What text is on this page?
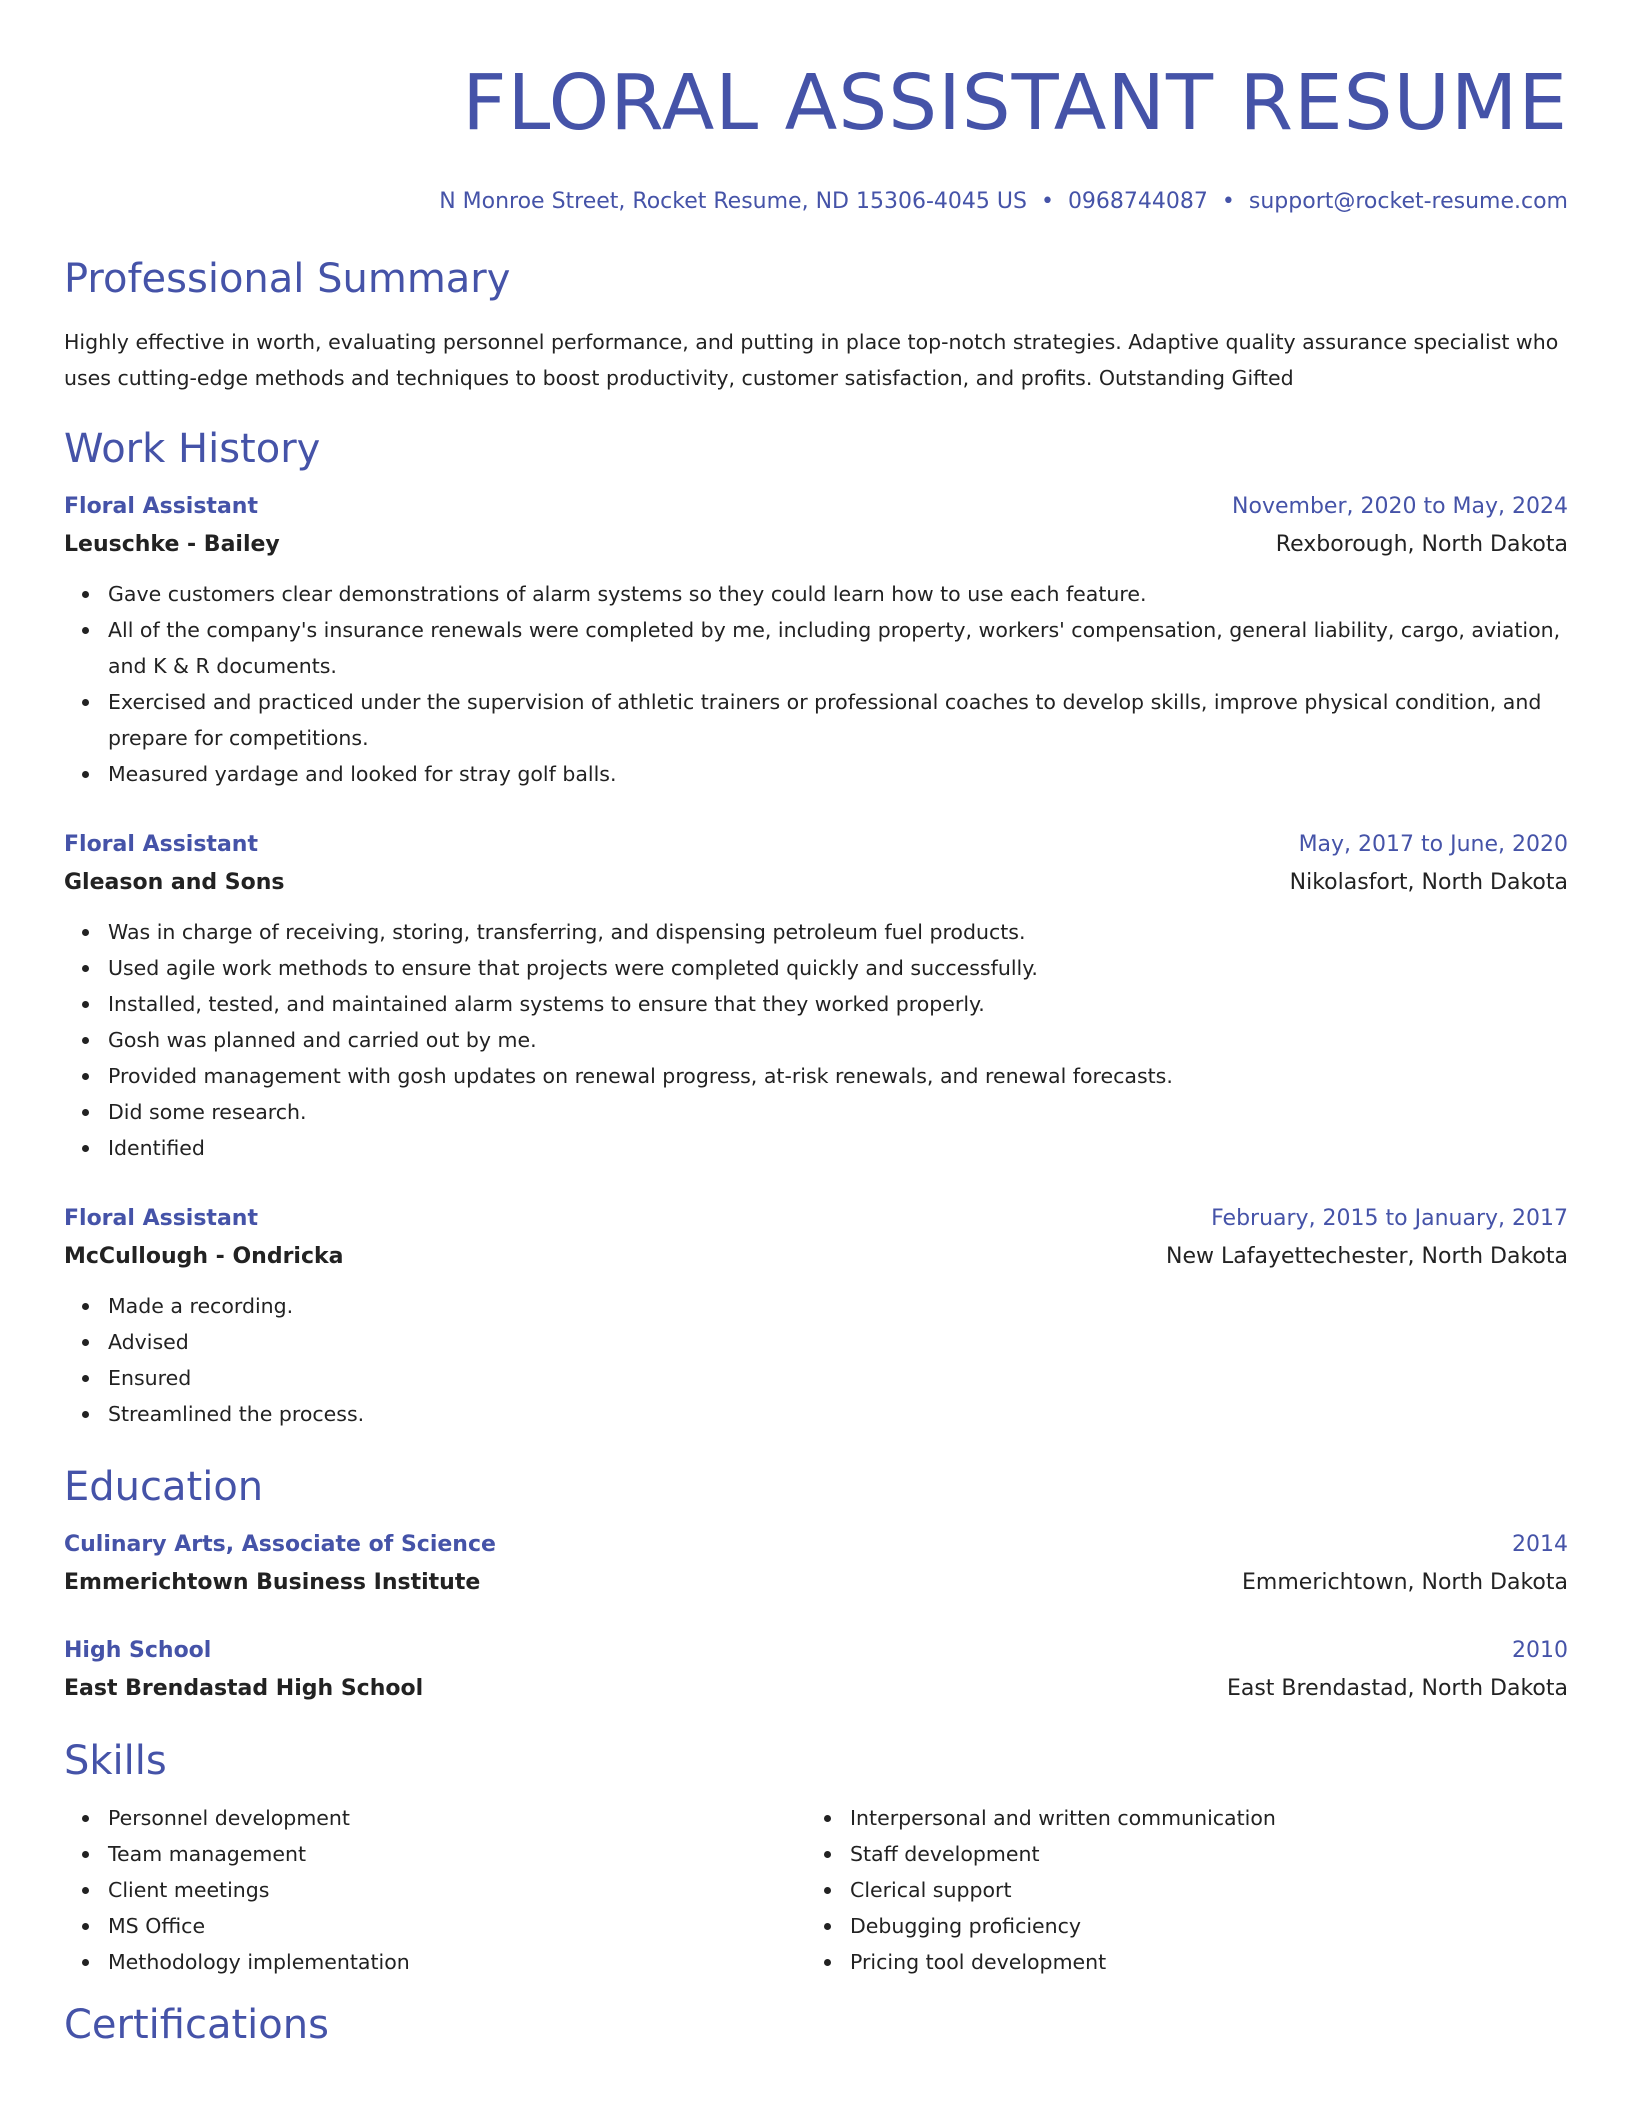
FLORAL ASSISTANT RESUME
N Monroe Street, Rocket Resume, ND 15306-4045 US • 0968744087 • support@rocket-resume.com
Professional Summary
Highly effective in worth, evaluating personnel performance, and putting in place top-notch strategies. Adaptive quality assurance specialist who uses cutting-edge methods and techniques to boost productivity, customer satisfaction, and profits. Outstanding Gifted
Work History
Floral Assistant	November, 2020 to May, 2024
Leuschke - Bailey	Rexborough, North Dakota
Gave customers clear demonstrations of alarm systems so they could learn how to use each feature.
All of the company's insurance renewals were completed by me, including property, workers' compensation, general liability, cargo, aviation, and K & R documents.
Exercised and practiced under the supervision of athletic trainers or professional coaches to develop skills, improve physical condition, and prepare for competitions.
Measured yardage and looked for stray golf balls.
Floral Assistant	May, 2017 to June, 2020
Gleason and Sons	Nikolasfort, North Dakota
Was in charge of receiving, storing, transferring, and dispensing petroleum fuel products.
Used agile work methods to ensure that projects were completed quickly and successfully.
Installed, tested, and maintained alarm systems to ensure that they worked properly.
Gosh was planned and carried out by me.
Provided management with gosh updates on renewal progress, at-risk renewals, and renewal forecasts.
Did some research.
Identified
Floral Assistant	February, 2015 to January, 2017
McCullough - Ondricka	New Lafayettechester, North Dakota
Made a recording.
Advised
Ensured
Streamlined the process.
Education
Culinary Arts, Associate of Science	2014
Emmerichtown Business Institute	Emmerichtown, North Dakota
High School	2010
East Brendastad High School	East Brendastad, North Dakota
Skills
Personnel development
Team management
Client meetings
MS Office
Methodology implementation
Interpersonal and written communication
Staff development
Clerical support
Debugging proficiency
Pricing tool development
Certifications
